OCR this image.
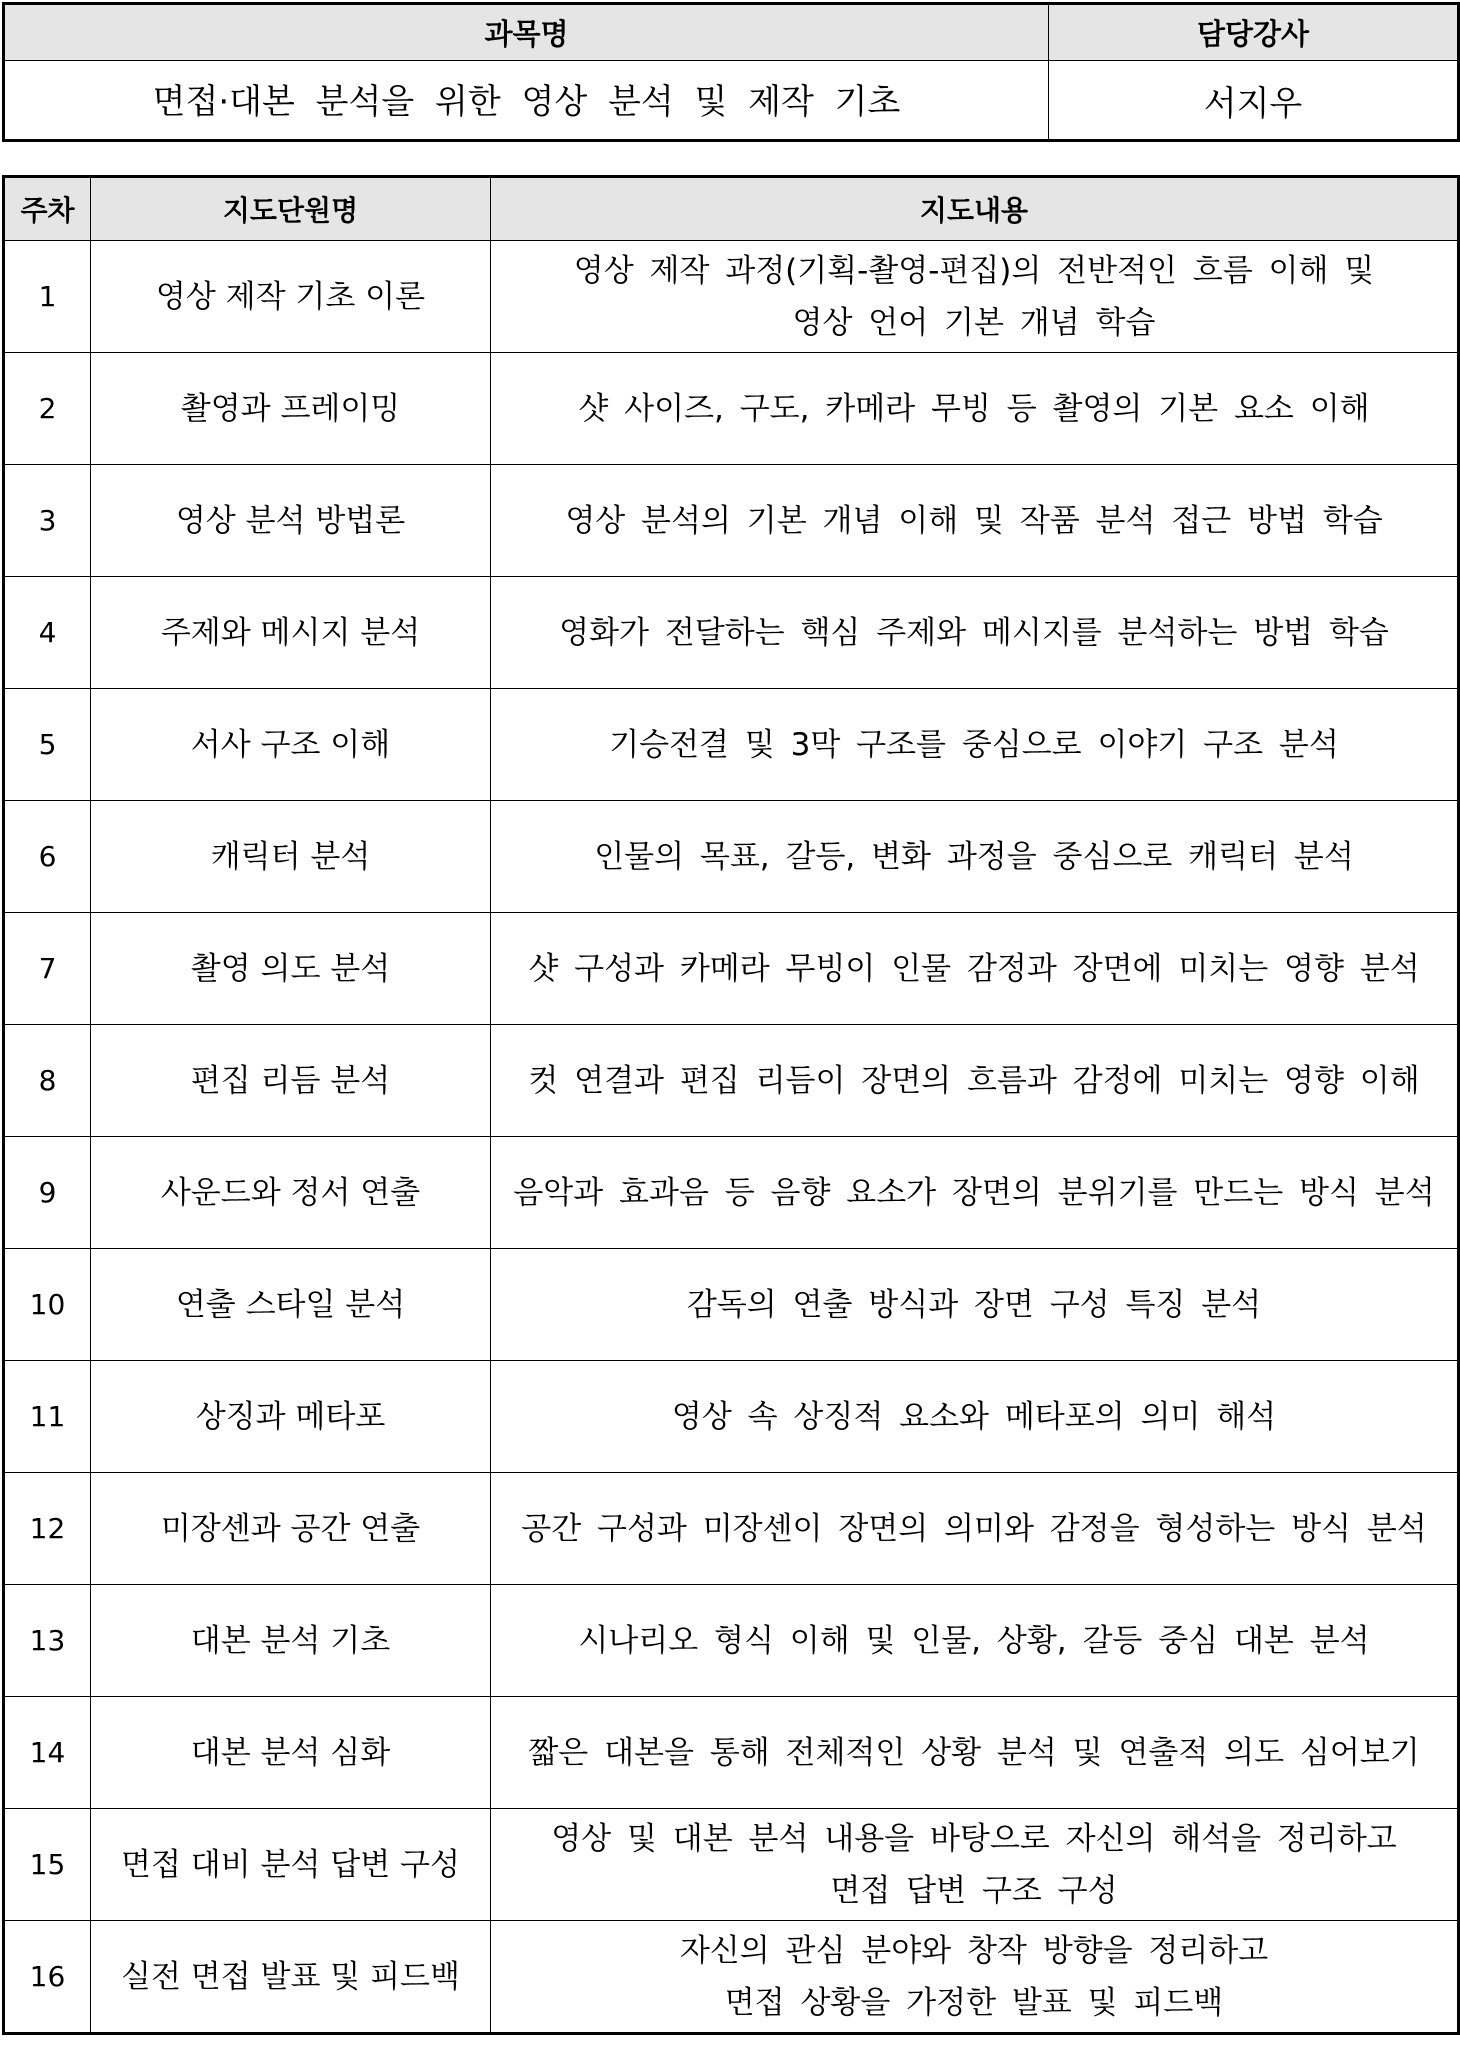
과목명	담당강사
면접·대본 분석을 위한 영상 분석 및 제작 기초	서지우
주차	지도단원명	지도내용
1	영상 제작 기초 이론	영상 제작 과정(기획-촬영-편집)의 전반적인 흐름 이해 및
영상 언어 기본 개념 학습

2	촬영과 프레이밍	샷 사이즈, 구도, 카메라 무빙 등 촬영의 기본 요소 이해

3	영상 분석 방법론	영상 분석의 기본 개념 이해 및 작품 분석 접근 방법 학습

4	주제와 메시지 분석	영화가 전달하는 핵심 주제와 메시지를 분석하는 방법 학습

5	서사 구조 이해	기승전결 및 3막 구조를 중심으로 이야기 구조 분석

6	캐릭터 분석	인물의 목표, 갈등, 변화 과정을 중심으로 캐릭터 분석

7	촬영 의도 분석	샷 구성과 카메라 무빙이 인물 감정과 장면에 미치는 영향 분석

8	편집 리듬 분석	컷 연결과 편집 리듬이 장면의 흐름과 감정에 미치는 영향 이해

9	사운드와 정서 연출	음악과 효과음 등 음향 요소가 장면의 분위기를 만드는 방식 분석

10	연출 스타일 분석	감독의 연출 방식과 장면 구성 특징 분석

11	상징과 메타포	영상 속 상징적 요소와 메타포의 의미 해석

12	미장센과 공간 연출	공간 구성과 미장센이 장면의 의미와 감정을 형성하는 방식 분석

13	대본 분석 기초	시나리오 형식 이해 및 인물, 상황, 갈등 중심 대본 분석

14	대본 분석 심화	짧은 대본을 통해 전체적인 상황 분석 및 연출적 의도 심어보기

15	면접 대비 분석 답변 구성	영상 및 대본 분석 내용을 바탕으로 자신의 해석을 정리하고
면접 답변 구조 구성

16	실전 면접 발표 및 피드백	자신의 관심 분야와 창작 방향을 정리하고
면접 상황을 가정한 발표 및 피드백
